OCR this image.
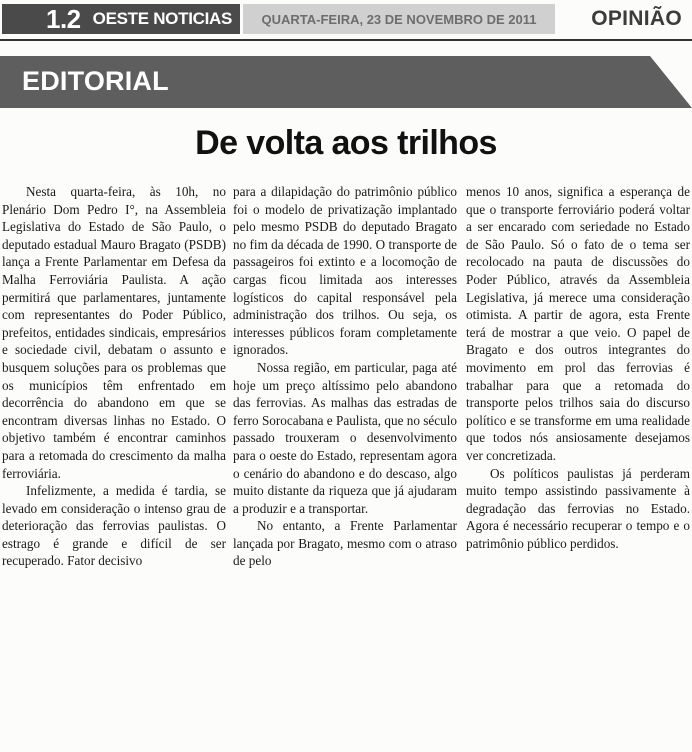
1.2 OESTE NOTICIAS	QUARTA-FEIRA, 23 DE NOVEMBRO DE 2011	OPINIÃO
EDITORIAL
De volta aos trilhos

Nesta quarta-feira, às 10h, no Plenário Dom Pedro I°, na Assembleia Legislativa do Estado de São Paulo, o deputado estadual Mauro Bragato (PSDB) lança a Frente Parlamentar em Defesa da Malha Ferroviária Paulista. A ação permitirá que parlamentares, juntamente com representantes do Poder Público, prefeitos, entidades sindicais, empresários e sociedade civil, debatam o assunto e busquem soluções para os problemas que os municípios têm enfrentado em decorrência do abandono em que se encontram diversas linhas no Estado. O objetivo também é encontrar caminhos para a retomada do crescimento da malha ferroviária.

Infelizmente, a medida é tardia, se levado em consideração o intenso grau de deterioração das ferrovias paulistas. O estrago é grande e difícil de ser recuperado. Fator decisivo

para a dilapidação do patrimônio público foi o modelo de privatização implantado pelo mesmo PSDB do deputado Bragato no fim da década de 1990. O transporte de passageiros foi extinto e a locomoção de cargas ficou limitada aos interesses logísticos do capital responsável pela administração dos trilhos. Ou seja, os interesses públicos foram completamente ignorados.

Nossa região, em particular, paga até hoje um preço altíssimo pelo abandono das ferrovias. As malhas das estradas de ferro Sorocabana e Paulista, que no século passado trouxeram o desenvolvimento para o oeste do Estado, representam agora o cenário do abandono e do descaso, algo muito distante da riqueza que já ajudaram a produzir e a transportar.

No entanto, a Frente Parlamentar lançada por Bragato, mesmo com o atraso de pelo

menos 10 anos, significa a esperança de que o transporte ferroviário poderá voltar a ser encarado com seriedade no Estado de São Paulo. Só o fato de o tema ser recolocado na pauta de discussões do Poder Público, através da Assembleia Legislativa, já merece uma consideração otimista. A partir de agora, esta Frente terá de mostrar a que veio. O papel de Bragato e dos outros integrantes do movimento em prol das ferrovias é trabalhar para que a retomada do transporte pelos trilhos saia do discurso político e se transforme em uma realidade que todos nós ansiosamente desejamos ver concretizada.

Os políticos paulistas já perderam muito tempo assistindo passivamente à degradação das ferrovias no Estado. Agora é necessário recuperar o tempo e o patrimônio público perdidos.
